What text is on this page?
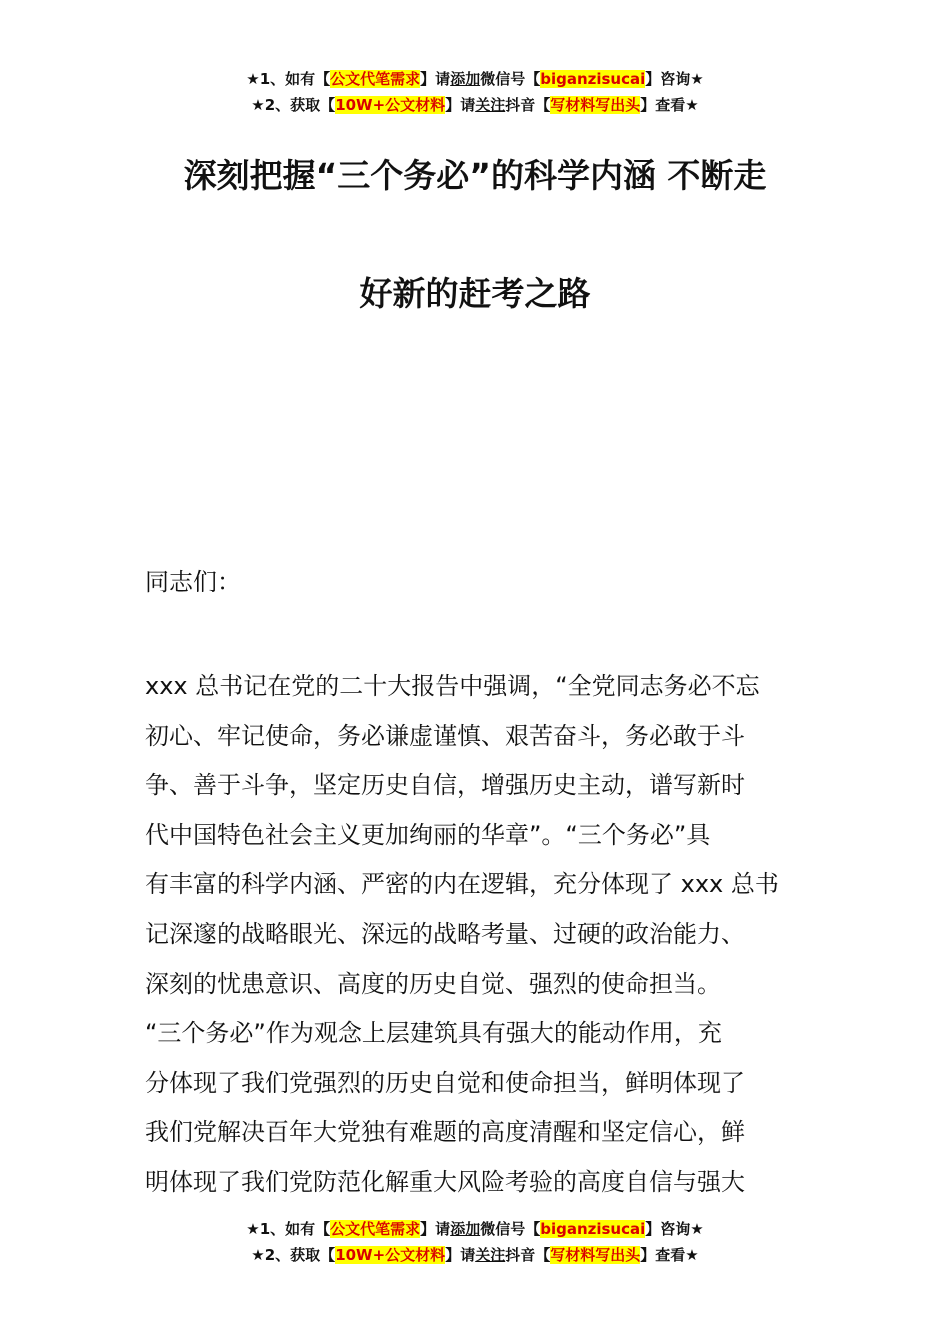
★1、如有【公文代笔需求】请添加微信号【biganzisucai】咨询★
★2、获取【10W+公文材料】请关注抖音【写材料写出头】查看★
深刻把握“三个务必”的科学内涵 不断走
好新的赶考之路
同志们：
xxx 总书记在党的二十大报告中强调，“全党同志务必不忘
初心、牢记使命，务必谦虚谨慎、艰苦奋斗，务必敢于斗
争、善于斗争，坚定历史自信，增强历史主动，谱写新时
代中国特色社会主义更加绚丽的华章”。“三个务必”具
有丰富的科学内涵、严密的内在逻辑，充分体现了 xxx 总书
记深邃的战略眼光、深远的战略考量、过硬的政治能力、
深刻的忧患意识、高度的历史自觉、强烈的使命担当。
“三个务必”作为观念上层建筑具有强大的能动作用，充
分体现了我们党强烈的历史自觉和使命担当，鲜明体现了
我们党解决百年大党独有难题的高度清醒和坚定信心，鲜
明体现了我们党防范化解重大风险考验的高度自信与强大
★1、如有【公文代笔需求】请添加微信号【biganzisucai】咨询★
★2、获取【10W+公文材料】请关注抖音【写材料写出头】查看★
